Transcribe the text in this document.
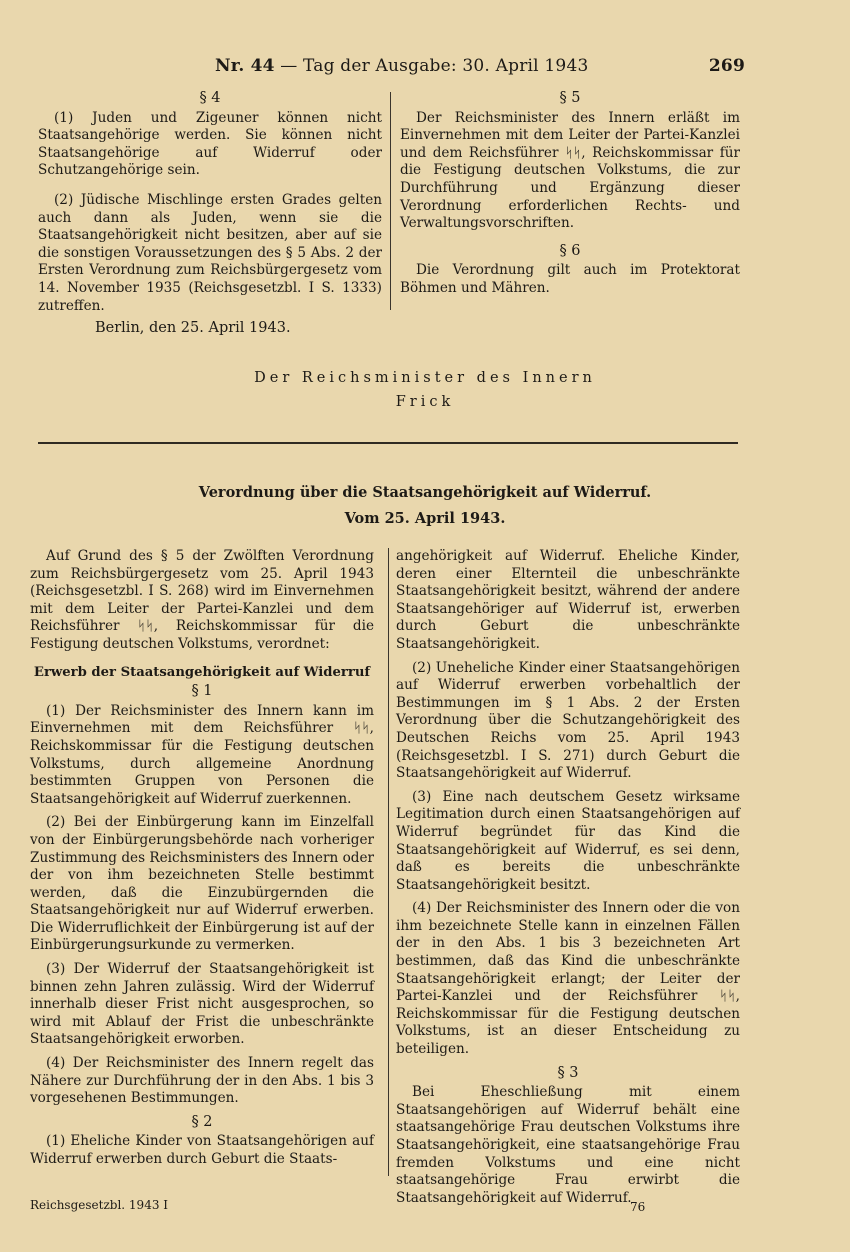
Nr. 44 — Tag der Ausgabe: 30. April 1943	269
§ 4

(1) Juden und Zigeuner können nicht Staatsangehörige werden. Sie können nicht Staatsangehörige auf Widerruf oder Schutzangehörige sein.

(2) Jüdische Mischlinge ersten Grades gelten auch dann als Juden, wenn sie die Staatsangehörigkeit nicht besitzen, aber auf sie die sonstigen Voraussetzungen des § 5 Abs. 2 der Ersten Verordnung zum Reichsbürgergesetz vom 14. November 1935 (Reichsgesetzbl. I S. 1333) zutreffen.

§ 5

Der Reichsminister des Innern erläßt im Einvernehmen mit dem Leiter der Partei-Kanzlei und dem Reichsführer ᛋᛋ, Reichskommissar für die Festigung deutschen Volkstums, die zur Durchführung und Ergänzung dieser Verordnung erforderlichen Rechts- und Verwaltungsvorschriften.

§ 6

Die Verordnung gilt auch im Protektorat Böhmen und Mähren.

Berlin, den 25. April 1943.
Der Reichsminister des Innern
Frick
Verordnung über die Staatsangehörigkeit auf Widerruf.
Vom 25. April 1943.

Auf Grund des § 5 der Zwölften Verordnung zum Reichsbürgergesetz vom 25. April 1943 (Reichsgesetzbl. I S. 268) wird im Einvernehmen mit dem Leiter der Partei-Kanzlei und dem Reichsführer ᛋᛋ, Reichskommissar für die Festigung deutschen Volkstums, verordnet:

Erwerb der Staatsangehörigkeit auf Widerruf
§ 1

(1) Der Reichsminister des Innern kann im Einvernehmen mit dem Reichsführer ᛋᛋ, Reichskommissar für die Festigung deutschen Volkstums, durch allgemeine Anordnung bestimmten Gruppen von Personen die Staatsangehörigkeit auf Widerruf zuerkennen.

(2) Bei der Einbürgerung kann im Einzelfall von der Einbürgerungsbehörde nach vorheriger Zustimmung des Reichsministers des Innern oder der von ihm bezeichneten Stelle bestimmt werden, daß die Einzubürgernden die Staatsangehörigkeit nur auf Widerruf erwerben. Die Widerruflichkeit der Einbürgerung ist auf der Einbürgerungsurkunde zu vermerken.

(3) Der Widerruf der Staatsangehörigkeit ist binnen zehn Jahren zulässig. Wird der Widerruf innerhalb dieser Frist nicht ausgesprochen, so wird mit Ablauf der Frist die unbeschränkte Staatsangehörigkeit erworben.

(4) Der Reichsminister des Innern regelt das Nähere zur Durchführung der in den Abs. 1 bis 3 vorgesehenen Bestimmungen.

§ 2

(1) Eheliche Kinder von Staatsangehörigen auf Widerruf erwerben durch Geburt die Staats-

angehörigkeit auf Widerruf. Eheliche Kinder, deren einer Elternteil die unbeschränkte Staatsangehörigkeit besitzt, während der andere Staatsangehöriger auf Widerruf ist, erwerben durch Geburt die unbeschränkte Staatsangehörigkeit.

(2) Uneheliche Kinder einer Staatsangehörigen auf Widerruf erwerben vorbehaltlich der Bestimmungen im § 1 Abs. 2 der Ersten Verordnung über die Schutzangehörigkeit des Deutschen Reichs vom 25. April 1943 (Reichsgesetzbl. I S. 271) durch Geburt die Staatsangehörigkeit auf Widerruf.

(3) Eine nach deutschem Gesetz wirksame Legitimation durch einen Staatsangehörigen auf Widerruf begründet für das Kind die Staatsangehörigkeit auf Widerruf, es sei denn, daß es bereits die unbeschränkte Staatsangehörigkeit besitzt.

(4) Der Reichsminister des Innern oder die von ihm bezeichnete Stelle kann in einzelnen Fällen der in den Abs. 1 bis 3 bezeichneten Art bestimmen, daß das Kind die unbeschränkte Staatsangehörigkeit erlangt; der Leiter der Partei-Kanzlei und der Reichsführer ᛋᛋ, Reichskommissar für die Festigung deutschen Volkstums, ist an dieser Entscheidung zu beteiligen.

§ 3

Bei Eheschließung mit einem Staatsangehörigen auf Widerruf behält eine staatsangehörige Frau deutschen Volkstums ihre Staatsangehörigkeit, eine staatsangehörige Frau fremden Volkstums und eine nicht staatsangehörige Frau erwirbt die Staatsangehörigkeit auf Widerruf.

Reichsgesetzbl. 1943 I	76
